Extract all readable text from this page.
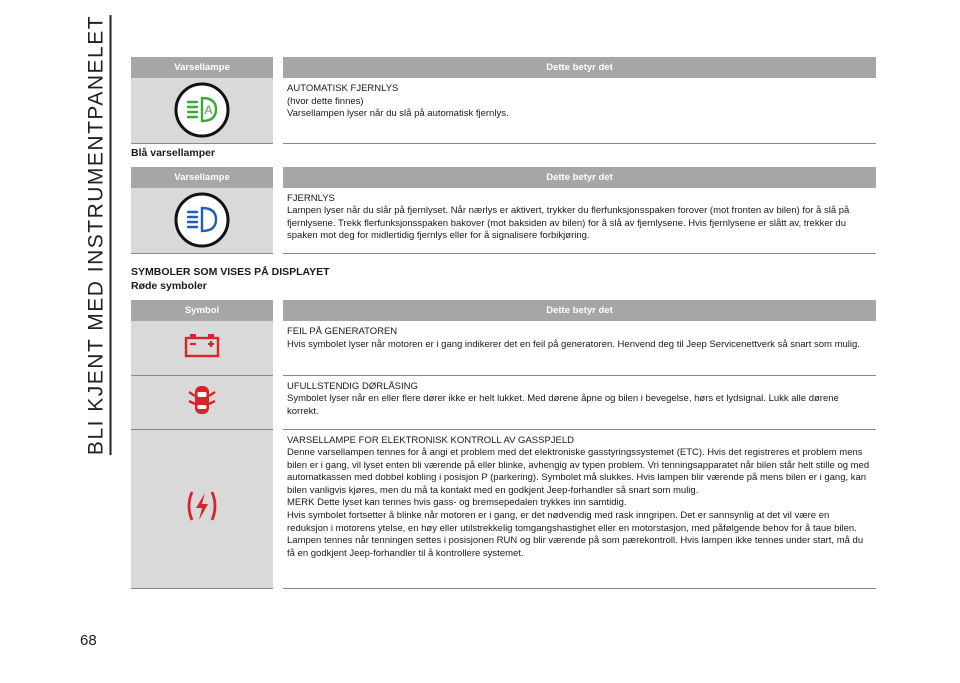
BLI KJENT MED INSTRUMENTPANELET
68
Varsellampe		Dette betyr det

A		AUTOMATISK FJERNLYS
(hvor dette finnes)
Varsellampen lyser når du slå på automatisk fjernlys.
Blå varsellamper
Varsellampe		Dette betyr det

FJERNLYS
Lampen lyser når du slår på fjernlyset. Når nærlys er aktivert, trykker du flerfunksjonsspaken forover (mot fronten av bilen) for å slå på fjernlysene. Trekk flerfunksjonsspaken bakover (mot baksiden av bilen) for å slå av fjernlysene. Hvis fjernlysene er slått av, trekker du spaken mot deg for midlertidig fjernlys eller for å signalisere forbikjøring.
SYMBOLER SOM VISES PÅ DISPLAYET
Røde symboler
Symbol		Dette betyr det

FEIL PÅ GENERATOREN
Hvis symbolet lyser når motoren er i gang indikerer det en feil på generatoren. Henvend deg til Jeep Servicenettverk så snart som mulig.

UFULLSTENDIG DØRLÅSING
Symbolet lyser når en eller flere dører ikke er helt lukket. Med dørene åpne og bilen i bevegelse, hørs et lydsignal. Lukk alle dørene korrekt.

VARSELLAMPE FOR ELEKTRONISK KONTROLL AV GASSPJELD
Denne varsellampen tennes for å angi et problem med det elektroniske gasstyringssystemet (ETC). Hvis det registreres et problem mens bilen er i gang, vil lyset enten bli værende på eller blinke, avhengig av typen problem. Vri tenningsapparatet når bilen står helt stille og med automatkassen med dobbel kobling i posisjon P (parkering). Symbolet må slukkes. Hvis lampen blir værende på mens bilen er i gang, kan bilen vanligvis kjøres, men du må ta kontakt med en godkjent Jeep-forhandler så snart som mulig.
MERK Dette lyset kan tennes hvis gass- og bremsepedalen trykkes inn samtidig.
Hvis symbolet fortsetter å blinke når motoren er i gang, er det nødvendig med rask inngripen. Det er sannsynlig at det vil være en reduksjon i motorens ytelse, en høy eller utilstrekkelig tomgangshastighet eller en motorstasjon, med påfølgende behov for å taue bilen. Lampen tennes når tenningen settes i posisjonen RUN og blir værende på som pærekontroll. Hvis lampen ikke tennes under start, må du få en godkjent Jeep-forhandler til å kontrollere systemet.
